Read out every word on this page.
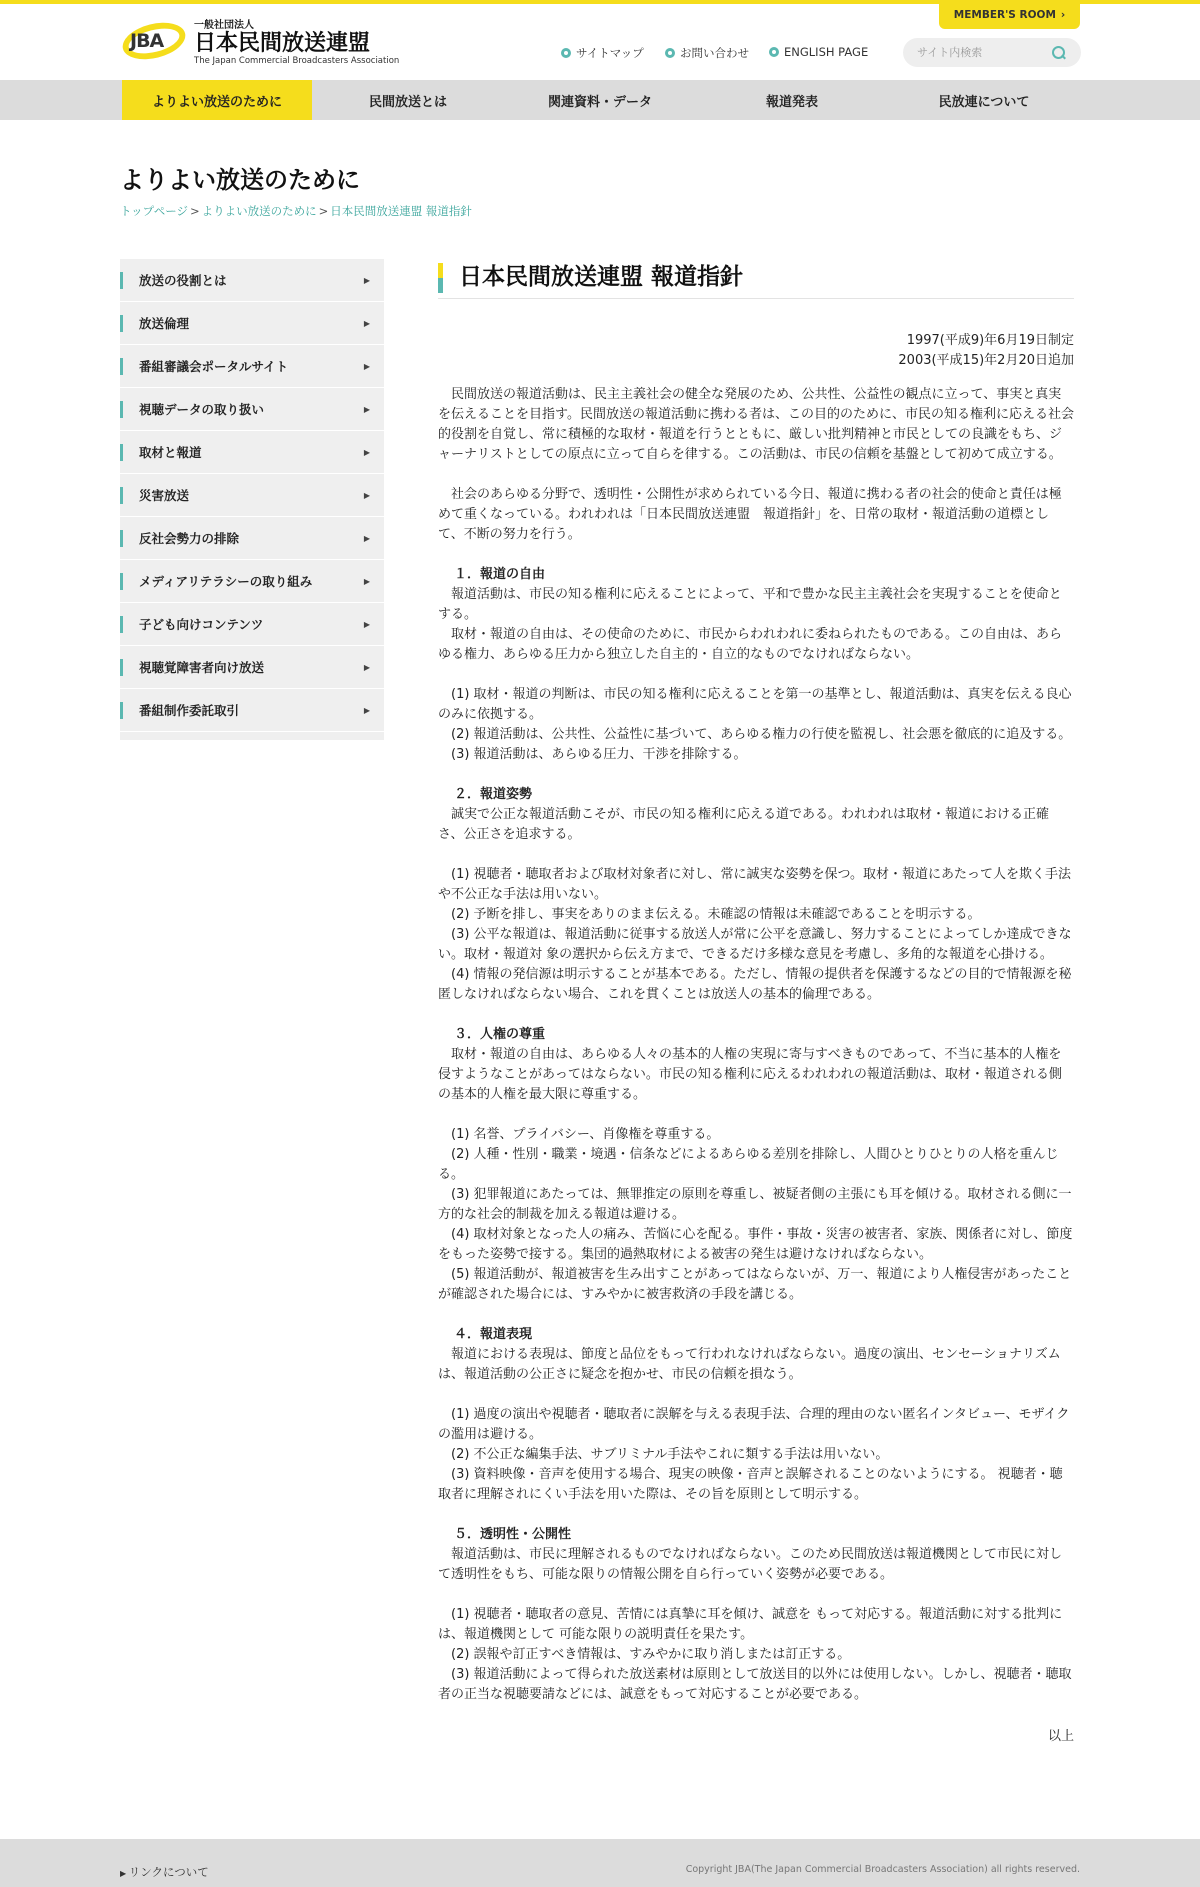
MEMBER'S ROOM ›
JBA
一般社団法人
日本民間放送連盟
The Japan Commercial Broadcasters Association
サイトマップ	お問い合わせ	ENGLISH PAGE
サイト内検索
よりよい放送のために	民間放送とは	関連資料・データ	報道発表	民放連について
よりよい放送のために
トップページ > よりよい放送のために > 日本民間放送連盟 報道指針
放送の役割とは	▶
放送倫理	▶
番組審議会ポータルサイト	▶
視聴データの取り扱い	▶
取材と報道	▶
災害放送	▶
反社会勢力の排除	▶
メディアリテラシーの取り組み	▶
子ども向けコンテンツ	▶
視聴覚障害者向け放送	▶
番組制作委託取引	▶
日本民間放送連盟 報道指針
1997(平成9)年6月19日制定
2003(平成15)年2月20日追加

民間放送の報道活動は、民主主義社会の健全な発展のため、公共性、公益性の観点に立って、事実と真実を伝えることを目指す。民間放送の報道活動に携わる者は、この目的のために、市民の知る権利に応える社会的役割を自覚し、常に積極的な取材・報道を行うとともに、厳しい批判精神と市民としての良識をもち、ジャーナリストとしての原点に立って自らを律する。この活動は、市民の信頼を基盤として初めて成立する。

社会のあらゆる分野で、透明性・公開性が求められている今日、報道に携わる者の社会的使命と責任は極めて重くなっている。われわれは「日本民間放送連盟　報道指針」を、日常の取材・報道活動の道標として、不断の努力を行う。

１．報道の自由

報道活動は、市民の知る権利に応えることによって、平和で豊かな民主主義社会を実現することを使命とする。

取材・報道の自由は、その使命のために、市民からわれわれに委ねられたものである。この自由は、あらゆる権力、あらゆる圧力から独立した自主的・自立的なものでなければならない。

(1) 取材・報道の判断は、市民の知る権利に応えることを第一の基準とし、報道活動は、真実を伝える良心のみに依拠する。

(2) 報道活動は、公共性、公益性に基づいて、あらゆる権力の行使を監視し、社会悪を徹底的に追及する。

(3) 報道活動は、あらゆる圧力、干渉を排除する。

２．報道姿勢

誠実で公正な報道活動こそが、市民の知る権利に応える道である。われわれは取材・報道における正確さ、公正さを追求する。

(1) 視聴者・聴取者および取材対象者に対し、常に誠実な姿勢を保つ。取材・報道にあたって人を欺く手法や不公正な手法は用いない。

(2) 予断を排し、事実をありのまま伝える。未確認の情報は未確認であることを明示する。

(3) 公平な報道は、報道活動に従事する放送人が常に公平を意識し、努力することによってしか達成できない。取材・報道対 象の選択から伝え方まで、できるだけ多様な意見を考慮し、多角的な報道を心掛ける。

(4) 情報の発信源は明示することが基本である。ただし、情報の提供者を保護するなどの目的で情報源を秘匿しなければならない場合、これを貫くことは放送人の基本的倫理である。

３．人権の尊重

取材・報道の自由は、あらゆる人々の基本的人権の実現に寄与すべきものであって、不当に基本的人権を侵すようなことがあってはならない。市民の知る権利に応えるわれわれの報道活動は、取材・報道される側の基本的人権を最大限に尊重する。

(1) 名誉、プライバシー、肖像権を尊重する。

(2) 人種・性別・職業・境遇・信条などによるあらゆる差別を排除し、人間ひとりひとりの人格を重んじる。

(3) 犯罪報道にあたっては、無罪推定の原則を尊重し、被疑者側の主張にも耳を傾ける。取材される側に一方的な社会的制裁を加える報道は避ける。

(4) 取材対象となった人の痛み、苦悩に心を配る。事件・事故・災害の被害者、家族、関係者に対し、節度をもった姿勢で接する。集団的過熱取材による被害の発生は避けなければならない。

(5) 報道活動が、報道被害を生み出すことがあってはならないが、万一、報道により人権侵害があったことが確認された場合には、すみやかに被害救済の手段を講じる。

４．報道表現

報道における表現は、節度と品位をもって行われなければならない。過度の演出、センセーショナリズムは、報道活動の公正さに疑念を抱かせ、市民の信頼を損なう。

(1) 過度の演出や視聴者・聴取者に誤解を与える表現手法、合理的理由のない匿名インタビュー、モザイクの濫用は避ける。

(2) 不公正な編集手法、サブリミナル手法やこれに類する手法は用いない。

(3) 資料映像・音声を使用する場合、現実の映像・音声と誤解されることのないようにする。 視聴者・聴取者に理解されにくい手法を用いた際は、その旨を原則として明示する。

５．透明性・公開性

報道活動は、市民に理解されるものでなければならない。このため民間放送は報道機関として市民に対して透明性をもち、可能な限りの情報公開を自ら行っていく姿勢が必要である。

(1) 視聴者・聴取者の意見、苦情には真摯に耳を傾け、誠意を もって対応する。報道活動に対する批判には、報道機関として 可能な限りの説明責任を果たす。

(2) 誤報や訂正すべき情報は、すみやかに取り消しまたは訂正する。

(3) 報道活動によって得られた放送素材は原則として放送目的以外には使用しない。しかし、視聴者・聴取者の正当な視聴要請などには、誠意をもって対応することが必要である。

以上
▶ リンクについて	Copyright JBA(The Japan Commercial Broadcasters Association) all rights reserved.
